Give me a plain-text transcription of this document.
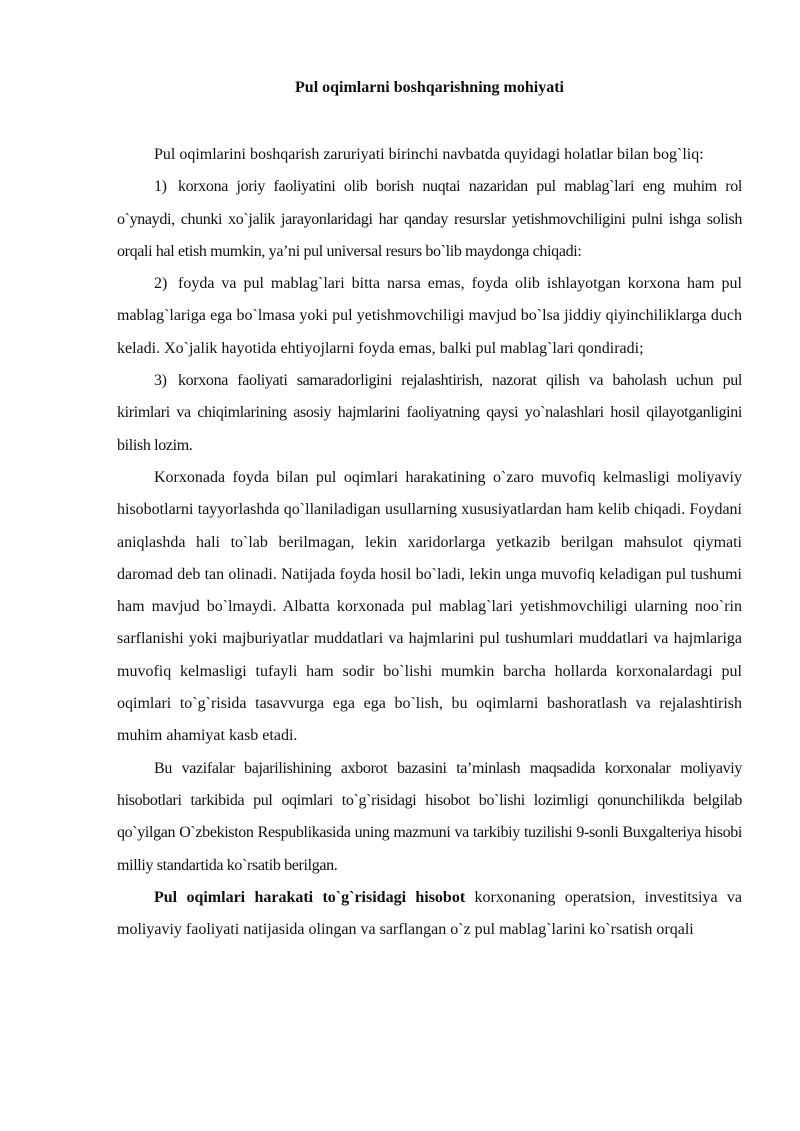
Pul oqimlarni boshqarishning mohiyati

Pul oqimlarini boshqarish zaruriyati birinchi navbatda quyidagi holatlar bilan bog`liq:

1) korxona joriy faoliyatini olib borish nuqtai nazaridan pul mablag`lari eng muhim rol o`ynaydi, chunki xo`jalik jarayonlaridagi har qanday resurslar yetishmovchiligini pulni ishga solish orqali hal etish mumkin, ya’ni pul universal resurs bo`lib maydonga chiqadi:

2) foyda va pul mablag`lari bitta narsa emas, foyda olib ishlayotgan korxona ham pul mablag`lariga ega bo`lmasa yoki pul yetishmovchiligi mavjud bo`lsa jiddiy qiyinchiliklarga duch keladi. Xo`jalik hayotida ehtiyojlarni foyda emas, balki pul mablag`lari qondiradi;

3) korxona faoliyati samaradorligini rejalashtirish, nazorat qilish va baholash uchun pul kirimlari va chiqimlarining asosiy hajmlarini faoliyatning qaysi yo`nalashlari hosil qilayotganligini bilish lozim.

Korxonada foyda bilan pul oqimlari harakatining o`zaro muvofiq kelmasligi moliyaviy hisobotlarni tayyorlashda qo`llaniladigan usullarning xususiyatlardan ham kelib chiqadi. Foydani aniqlashda hali to`lab berilmagan, lekin xaridorlarga yetkazib berilgan mahsulot qiymati daromad deb tan olinadi. Natijada foyda hosil bo`ladi, lekin unga muvofiq keladigan pul tushumi ham mavjud bo`lmaydi. Albatta korxonada pul mablag`lari yetishmovchiligi ularning noo`rin sarflanishi yoki majburiyatlar muddatlari va hajmlarini pul tushumlari muddatlari va hajmlariga muvofiq kelmasligi tufayli ham sodir bo`lishi mumkin barcha hollarda korxonalardagi pul oqimlari to`g`risida tasavvurga ega ega bo`lish, bu oqimlarni bashoratlash va rejalashtirish muhim ahamiyat kasb etadi.

Bu vazifalar bajarilishining axborot bazasini ta’minlash maqsadida korxonalar moliyaviy hisobotlari tarkibida pul oqimlari to`g`risidagi hisobot bo`lishi lozimligi qonunchilikda belgilab qo`yilgan O`zbekiston Respublikasida uning mazmuni va tarkibiy tuzilishi 9-sonli Buxgalteriya hisobi milliy standartida ko`rsatib berilgan.

Pul oqimlari harakati to`g`risidagi hisobot korxonaning operatsion, investitsiya va moliyaviy faoliyati natijasida olingan va sarflangan o`z pul mablag`larini ko`rsatish orqali
